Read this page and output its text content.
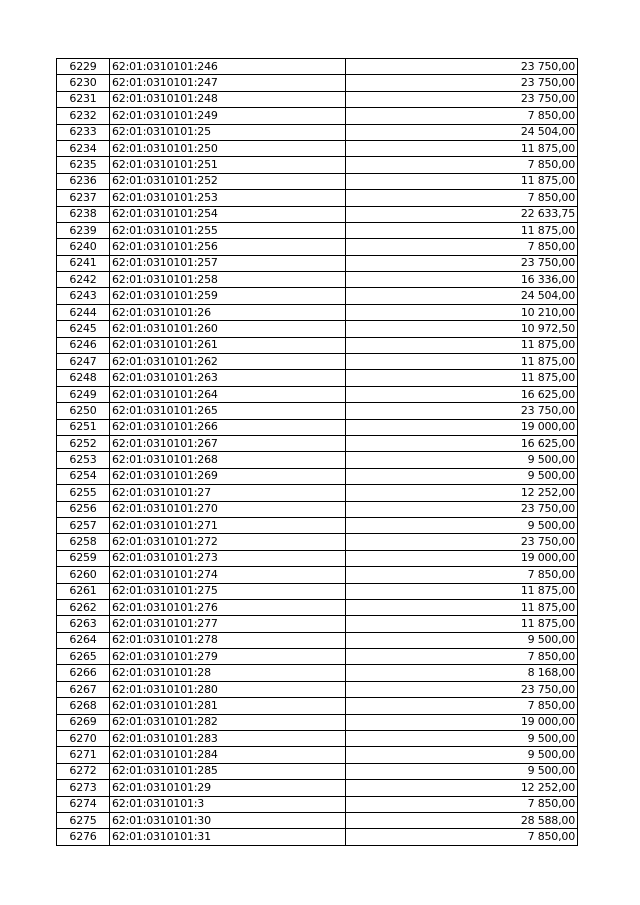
6229	62:01:0310101:246	23 750,00
6230	62:01:0310101:247	23 750,00
6231	62:01:0310101:248	23 750,00
6232	62:01:0310101:249	7 850,00
6233	62:01:0310101:25	24 504,00
6234	62:01:0310101:250	11 875,00
6235	62:01:0310101:251	7 850,00
6236	62:01:0310101:252	11 875,00
6237	62:01:0310101:253	7 850,00
6238	62:01:0310101:254	22 633,75
6239	62:01:0310101:255	11 875,00
6240	62:01:0310101:256	7 850,00
6241	62:01:0310101:257	23 750,00
6242	62:01:0310101:258	16 336,00
6243	62:01:0310101:259	24 504,00
6244	62:01:0310101:26	10 210,00
6245	62:01:0310101:260	10 972,50
6246	62:01:0310101:261	11 875,00
6247	62:01:0310101:262	11 875,00
6248	62:01:0310101:263	11 875,00
6249	62:01:0310101:264	16 625,00
6250	62:01:0310101:265	23 750,00
6251	62:01:0310101:266	19 000,00
6252	62:01:0310101:267	16 625,00
6253	62:01:0310101:268	9 500,00
6254	62:01:0310101:269	9 500,00
6255	62:01:0310101:27	12 252,00
6256	62:01:0310101:270	23 750,00
6257	62:01:0310101:271	9 500,00
6258	62:01:0310101:272	23 750,00
6259	62:01:0310101:273	19 000,00
6260	62:01:0310101:274	7 850,00
6261	62:01:0310101:275	11 875,00
6262	62:01:0310101:276	11 875,00
6263	62:01:0310101:277	11 875,00
6264	62:01:0310101:278	9 500,00
6265	62:01:0310101:279	7 850,00
6266	62:01:0310101:28	8 168,00
6267	62:01:0310101:280	23 750,00
6268	62:01:0310101:281	7 850,00
6269	62:01:0310101:282	19 000,00
6270	62:01:0310101:283	9 500,00
6271	62:01:0310101:284	9 500,00
6272	62:01:0310101:285	9 500,00
6273	62:01:0310101:29	12 252,00
6274	62:01:0310101:3	7 850,00
6275	62:01:0310101:30	28 588,00
6276	62:01:0310101:31	7 850,00
